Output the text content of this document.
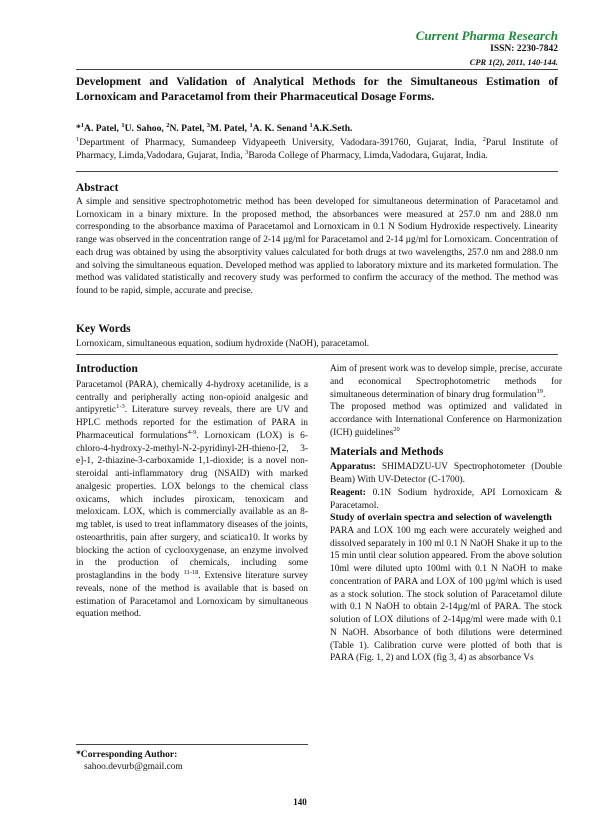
Current Pharma Research
ISSN: 2230-7842
CPR 1(2), 2011, 140-144.
Development and Validation of Analytical Methods for the Simultaneous Estimation of Lornoxicam and Paracetamol from their Pharmaceutical Dosage Forms.
*$^1$A. Patel, $^1$U. Sahoo, $^2$N. Patel, $^3$M. Patel, $^1$A. K. Senand $^1$A.K.Seth.
$^1$Department of Pharmacy, Sumandeep Vidyapeeth University, Vadodara-391760, Gujarat, India, $^2$Parul Institute of Pharmacy, Limda,Vadodara, Gujarat, India, $^3$Baroda College of Pharmacy, Limda,Vadodara, Gujarat, India.
Abstract
A simple and sensitive spectrophotometric method has been developed for simultaneous determination of Paracetamol and Lornoxicam in a binary mixture. In the proposed method, the absorbances were measured at 257.0 nm and 288.0 nm corresponding to the absorbance maxima of Paracetamol and Lornoxicam in 0.1 N Sodium Hydroxide respectively. Linearity range was observed in the concentration range of 2-14 µg/ml for Paracetamol and 2-14 µg/ml for Lornoxicam. Concentration of each drug was obtained by using the absorptivity values calculated for both drugs at two wavelengths, 257.0 nm and 288.0 nm and solving the simultaneous equation. Developed method was applied to laboratory mixture and its marketed formulation. The method was validated statistically and recovery study was performed to confirm the accuracy of the method. The method was found to be rapid, simple, accurate and precise.
Key Words
Lornoxicam, simultaneous equation, sodium hydroxide (NaOH), paracetamol.
Introduction

Paracetamol (PARA), chemically 4-hydroxy acetanilide, is a centrally and peripherally acting non-opioid analgesic and antipyretic$^{1-3}$. Literature survey reveals, there are UV and HPLC methods reported for the estimation of PARA in Pharmaceutical formulations$^{4-9}$. Lornoxicam (LOX) is 6-chloro-4-hydroxy-2-methyl-N-2-pyridinyl-2H-thieno-[2, 3-e]-1, 2-thiazine-3-carboxamide 1,1-dioxide; is a novel non-steroidal anti-inflammatory drug (NSAID) with marked analgesic properties. LOX belongs to the chemical class oxicams, which includes piroxicam, tenoxicam and meloxicam. LOX, which is commercially available as an 8-mg tablet, is used to treat inflammatory diseases of the joints, osteoarthritis, pain after surgery, and sciatica10. It works by blocking the action of cyclooxygenase, an enzyme involved in the production of chemicals, including some prostaglandins in the body $^{11-18}$. Extensive literature survey reveals, none of the method is available that is based on estimation of Paracetamol and Lornoxicam by simultaneous equation method.

Aim of present work was to develop simple, precise, accurate and economical Spectrophotometric methods for simultaneous determination of binary drug formulation$^{19}$.

The proposed method was optimized and validated in accordance with International Conference on Harmonization (ICH) guidelines$^{20}$

Materials and Methods

Apparatus: SHIMADZU-UV Spectrophotometer (Double Beam) With UV-Detector (C-1700).

Reagent: 0.1N Sodium hydroxide, API Lornoxicam & Paracetamol.

Study of overlain spectra and selection of wavelength

PARA and LOX 100 mg each were accurately weighed and dissolved separately in 100 ml 0.1 N NaOH Shake it up to the 15 min until clear solution appeared. From the above solution 10ml were diluted upto 100ml with 0.1 N NaOH to make concentration of PARA and LOX of 100 µg/ml which is used as a stock solution. The stock solution of Paracetamol dilute with 0.1 N NaOH to obtain 2-14µg/ml of PARA. The stock solution of LOX dilutions of 2-14µg/ml were made with 0.1 N NaOH. Absorbance of both dilutions were determined (Table 1). Calibration curve were plotted of both that is PARA (Fig. 1, 2) and LOX (fig 3, 4) as absorbance Vs

*Corresponding Author:
sahoo.devurb@gmail.com
140
